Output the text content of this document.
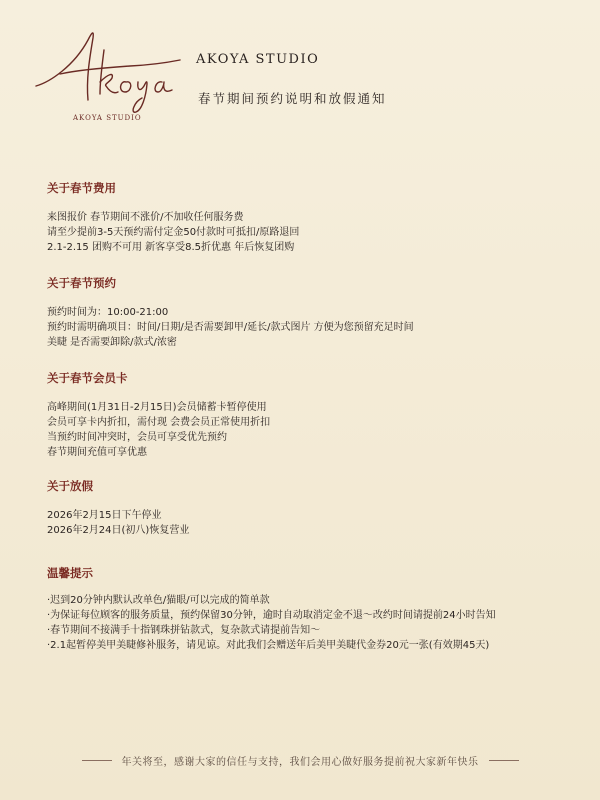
AKOYA STUDIO
AKOYA STUDIO
春节期间预约说明和放假通知
关于春节费用
来图报价 春节期间不涨价/不加收任何服务费
请至少提前3-5天预约需付定金50付款时可抵扣/原路退回
2.1-2.15 团购不可用 新客享受8.5折优惠 年后恢复团购
关于春节预约
预约时间为：10:00-21:00
预约时需明确项目：时间/日期/是否需要卸甲/延长/款式图片 方便为您预留充足时间
美睫 是否需要卸除/款式/浓密
关于春节会员卡
高峰期间(1月31日-2月15日)会员储蓄卡暂停使用
会员可享卡内折扣，需付现 会费会员正常使用折扣
当预约时间冲突时，会员可享受优先预约
春节期间充值可享优惠
关于放假
2026年2月15日下午停业
2026年2月24日(初八)恢复营业
温馨提示
·迟到20分钟内默认改单色/猫眼/可以完成的简单款
·为保证每位顾客的服务质量，预约保留30分钟，逾时自动取消定金不退～改约时间请提前24小时告知
·春节期间不接满手十指钢珠拼钻款式，复杂款式请提前告知～
·2.1起暂停美甲美睫修补服务，请见谅。对此我们会赠送年后美甲美睫代金券20元一张(有效期45天)
年关将至，感谢大家的信任与支持，我们会用心做好服务提前祝大家新年快乐
